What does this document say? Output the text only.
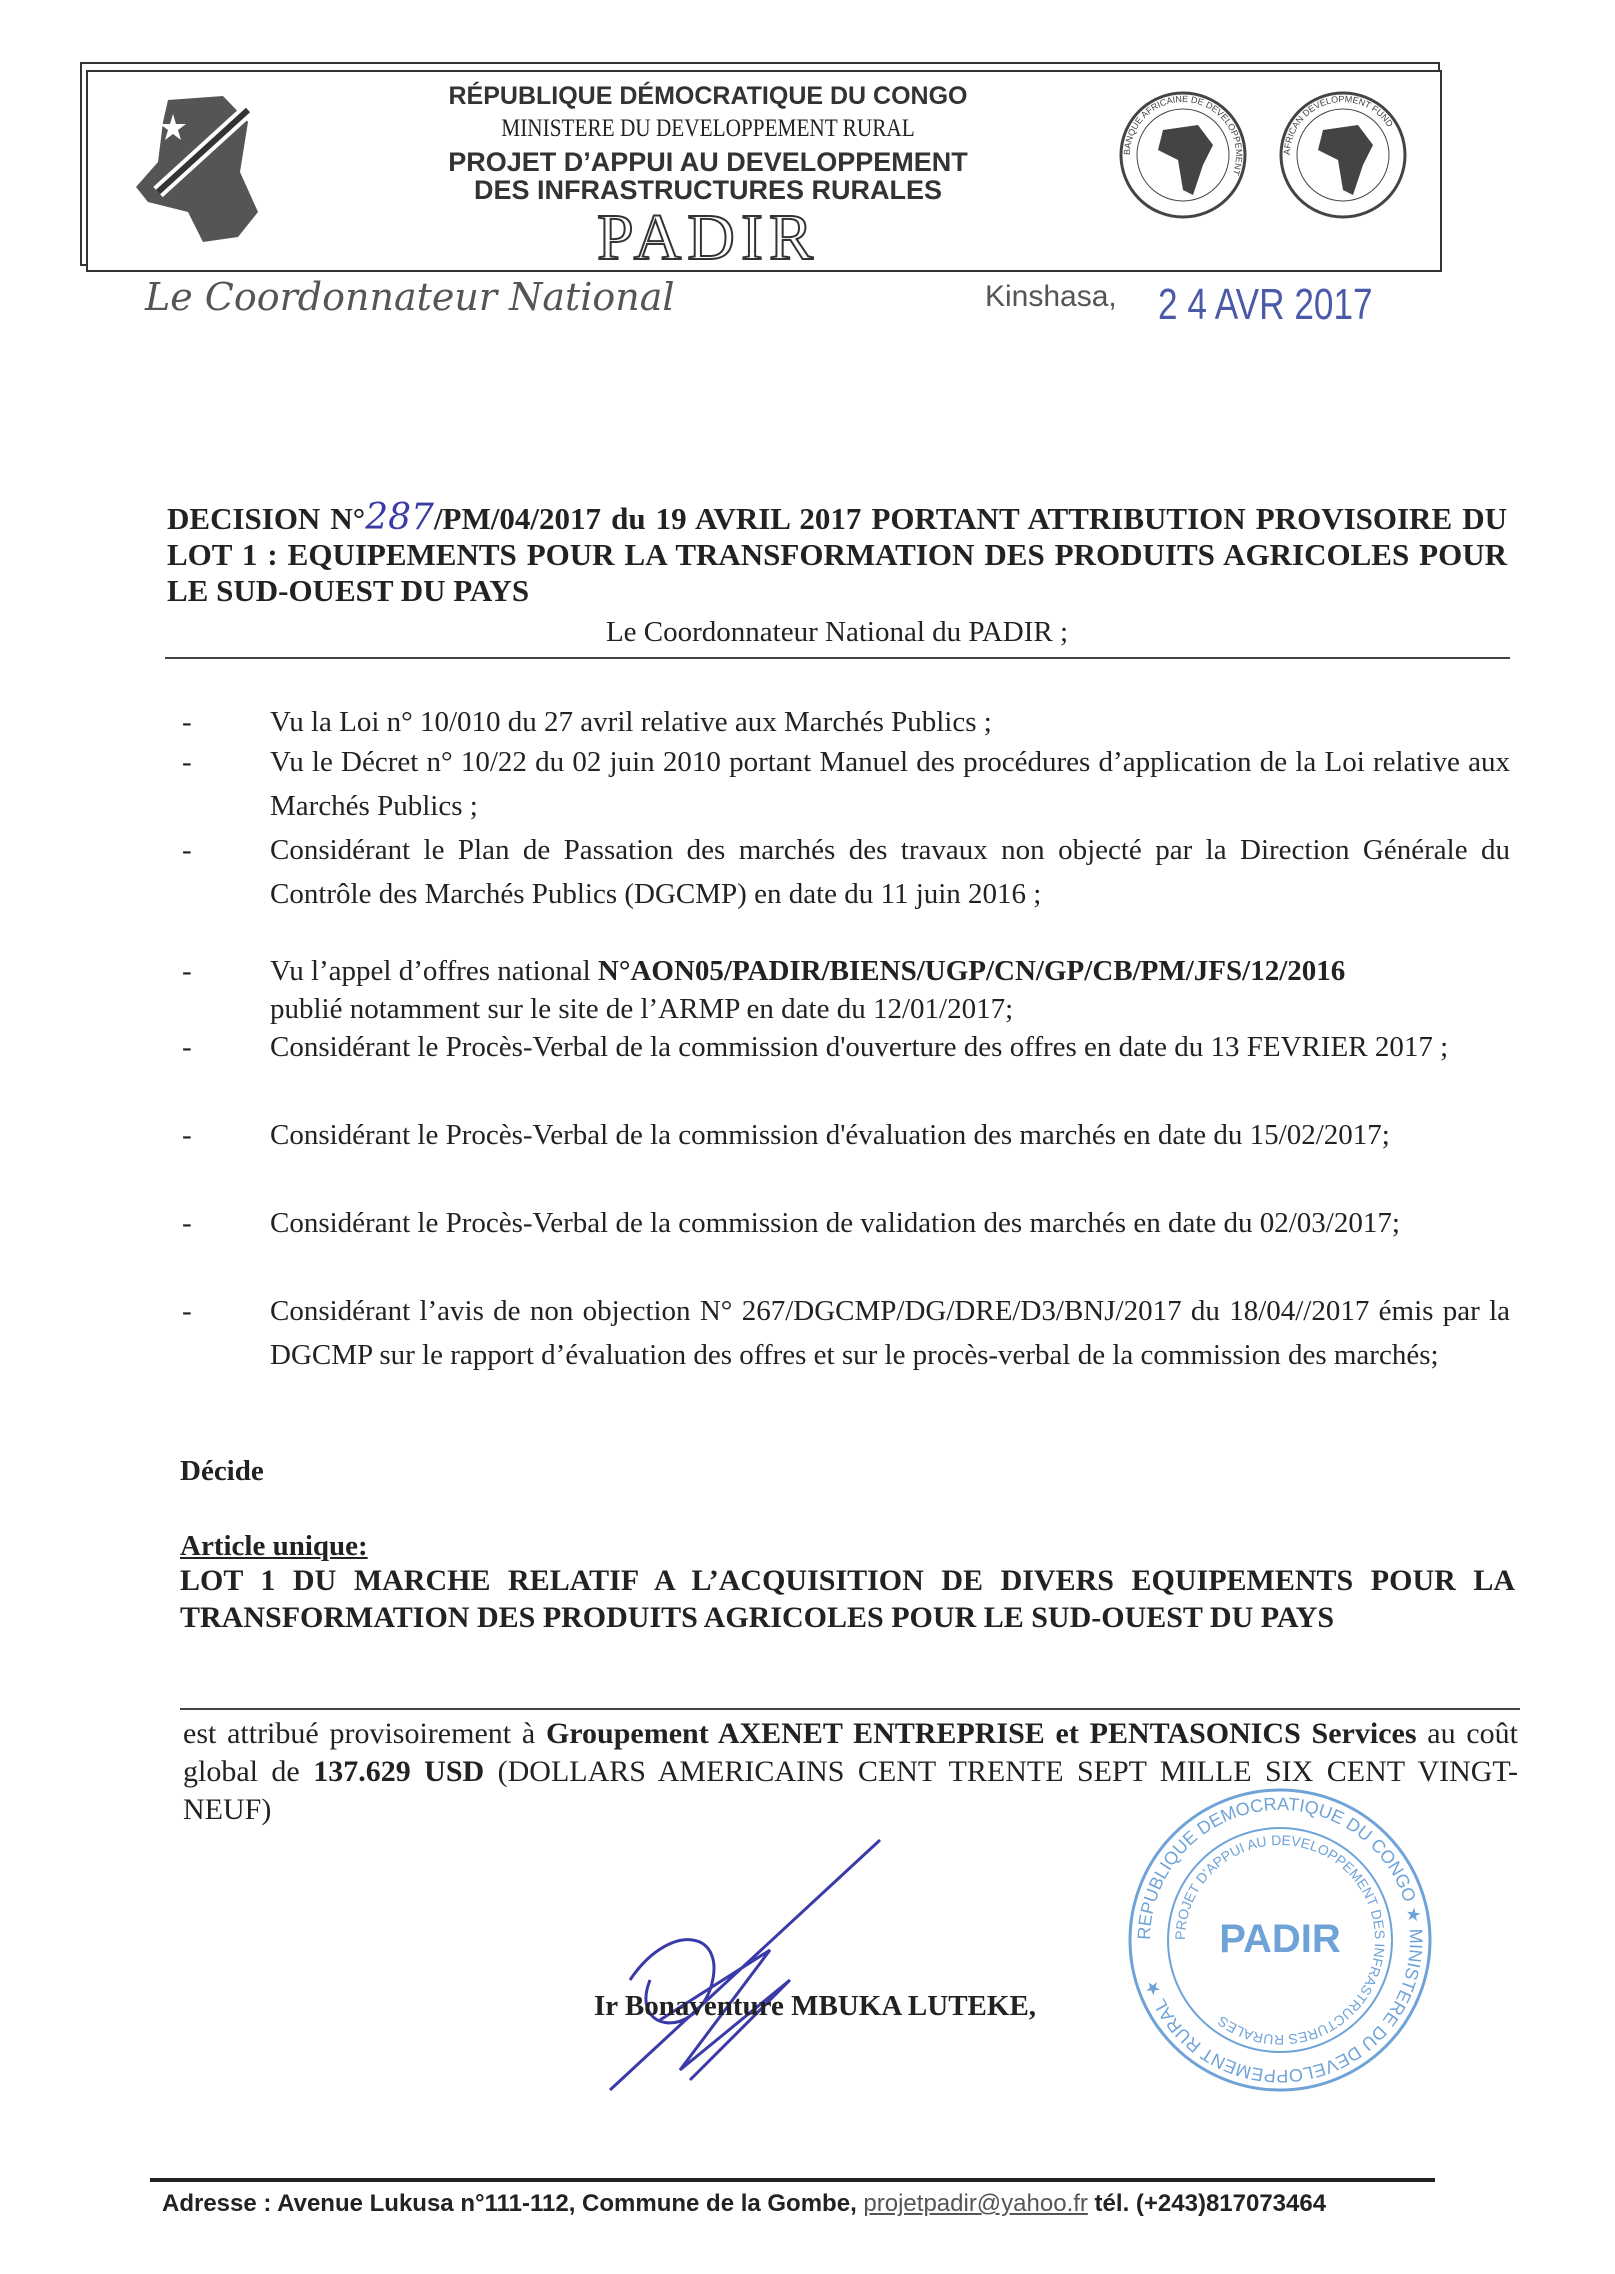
RÉPUBLIQUE DÉMOCRATIQUE DU CONGO
MINISTERE DU DEVELOPPEMENT RURAL
PROJET D’APPUI AU DEVELOPPEMENT
DES INFRASTRUCTURES RURALES
PADIR
BANQUE AFRICAINE DE DEVELOPPEMENT
AFRICAN DEVELOPMENT FUND
Le Coordonnateur National	Kinshasa, 2 4 AVR 2017
DECISION N°287/PM/04/2017 du 19 AVRIL 2017 PORTANT ATTRIBUTION PROVISOIRE DU LOT 1 : EQUIPEMENTS POUR LA TRANSFORMATION DES PRODUITS AGRICOLES POUR LE SUD-OUEST DU PAYS
Le Coordonnateur National du PADIR ;
-	Vu la Loi n° 10/010 du 27 avril relative aux Marchés Publics ;
-	Vu le Décret n° 10/22 du 02 juin 2010 portant Manuel des procédures d’application de la Loi relative aux Marchés Publics ;
-	Considérant le Plan de Passation des marchés des travaux non objecté par la Direction Générale du Contrôle des Marchés Publics (DGCMP) en date du 11 juin 2016 ;
-	Vu l’appel d’offres national N°AON05/PADIR/BIENS/UGP/CN/GP/CB/PM/JFS/12/2016
publié notamment sur le site de l’ARMP en date du 12/01/2017;
-	Considérant le Procès-Verbal de la commission d'ouverture des offres en date du 13 FEVRIER 2017 ;
-	Considérant le Procès-Verbal de la commission d'évaluation des marchés en date du 15/02/2017;
-	Considérant le Procès-Verbal de la commission de validation des marchés en date du 02/03/2017;
-	Considérant l’avis de non objection N° 267/DGCMP/DG/DRE/D3/BNJ/2017 du 18/04//2017 émis par la DGCMP sur le rapport d’évaluation des offres et sur le procès-verbal de la commission des marchés;
Décide
Article unique:
LOT 1 DU MARCHE RELATIF A L’ACQUISITION DE DIVERS EQUIPEMENTS POUR LA TRANSFORMATION DES PRODUITS AGRICOLES POUR LE SUD-OUEST DU PAYS
est attribué provisoirement à Groupement AXENET ENTREPRISE et PENTASONICS Services au coût global de 137.629 USD (DOLLARS AMERICAINS CENT TRENTE SEPT MILLE SIX CENT VINGT-NEUF)
Ir Bonaventure MBUKA LUTEKE,
REPUBLIQUE DEMOCRATIQUE DU CONGO ★ MINISTERE DU DEVELOPPEMENT RURAL ★
PROJET D'APPUI AU DEVELOPPEMENT DES INFRASTRUCTURES RURALES
PADIR
Adresse : Avenue Lukusa n°111-112, Commune de la Gombe, projetpadir@yahoo.fr tél. (+243)817073464
